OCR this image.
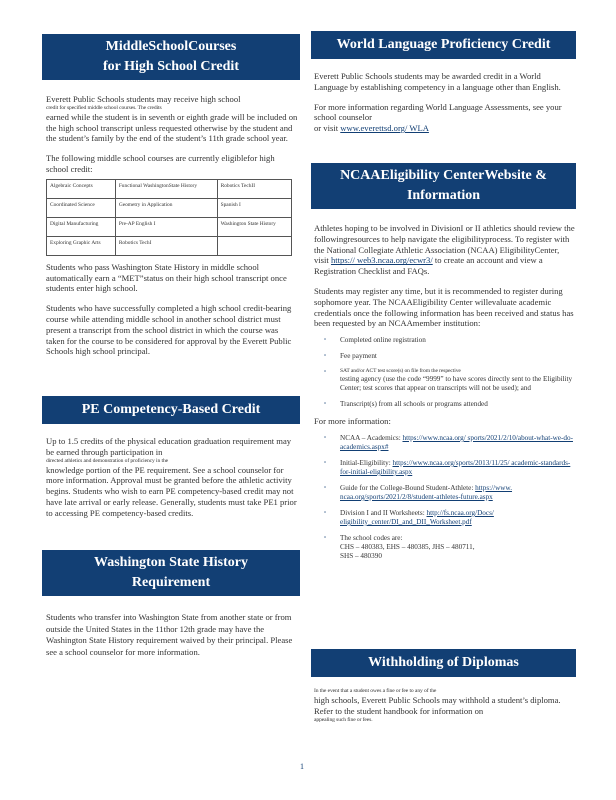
MiddleSchoolCourses
for High School Credit

Everett Public Schools students may receive high school
credit for specified middle school courses. The credits
earned while the student is in seventh or eighth grade will be included on the high school transcript unless requested otherwise by the student and the student’s family by the end of the student’s 11th grade school year.

The following middle school courses are currently eligiblefor high school credit:

Algebraic Concepts	Functional WashingtonState History	Robotics TechII
Coordinated Science	Geometry in Application	Spanish I
Digital Manufacturing	Pre-AP English I	Washington State History
Exploring Graphic Arts	Robotics TechI	

Students who pass Washington State History in middle school automatically earn a “MET”status on their high school transcript once students enter high school.

Students who have successfully completed a high school credit-bearing course while attending middle school in another school district must present a transcript from the school district in which the course was taken for the course to be considered for approval by the Everett Public Schools high school principal.

PE Competency-Based Credit

Up to 1.5 credits of the physical education graduation requirement may be earned through participation in
directed athletics and demonstration of proficiency in the
knowledge portion of the PE requirement. See a school counselor for more information. Approval must be granted before the athletic activity begins. Students who wish to earn PE competency-based credit may not have late arrival or early release. Generally, students must take PE1 prior to accessing PE competency-based credits.

Washington State History
Requirement

Students who transfer into Washington State from another state or from outside the United States in the 11thor 12th grade may have the Washington State History requirement waived by their principal. Please see a school counselor for more information.

World Language Proficiency Credit

Everett Public Schools students may be awarded credit in a World Language by establishing competency in a language other than English.

For more information regarding World Language Assessments, see your school counselor
or visit www.everettsd.org/ WLA

NCAAEligibility CenterWebsite &
Information

Athletes hoping to be involved in DivisionI or II athletics should review the followingresources to help navigate the eligibilityprocess. To register with the National Collegiate Athletic Association (NCAA) EligibilityCenter, visit https:// web3.ncaa.org/ecwr3/ to create an account and view a Registration Checklist and FAQs.

Students may register any time, but it is recommended to register during sophomore year. The NCAAEligibility Center willevaluate academic credentials once the following information has been received and status has been requested by an NCAAmember institution:

▫ Completed online registration
▫ Fee payment
▫ SAT and/or ACT test score(s) on file from the respective
testing agency (use the code “9999” to have scores directly sent to the Eligibility Center; test scores that appear on transcripts will not be used); and
▫ Transcript(s) from all schools or programs attended

For more information:

▫ NCAA – Academics: https://www.ncaa.org/ sports/2021/2/10/about-what-we-do-academics.aspx#
▫ Initial-Eligibility: https://www.ncaa.org/sports/2013/11/25/ academic-standards-for-initial-eligibility.aspx
▫ Guide for the College-Bound Student-Athlete: https://www. ncaa.org/sports/2021/2/8/student-athletes-future.aspx
▫ Division I and II Worksheets: http://fs.ncaa.org/Docs/ eligibility_center/DI_and_DII_Worksheet.pdf
▫ The school codes are:
CHS – 480383, EHS – 480385, JHS – 480711,
SHS – 480390
Withholding of Diplomas

In the event that a student owes a fine or fee to any of the
high schools, Everett Public Schools may withhold a student’s diploma. Refer to the student handbook for information on
appealing such fine or fees.

1
